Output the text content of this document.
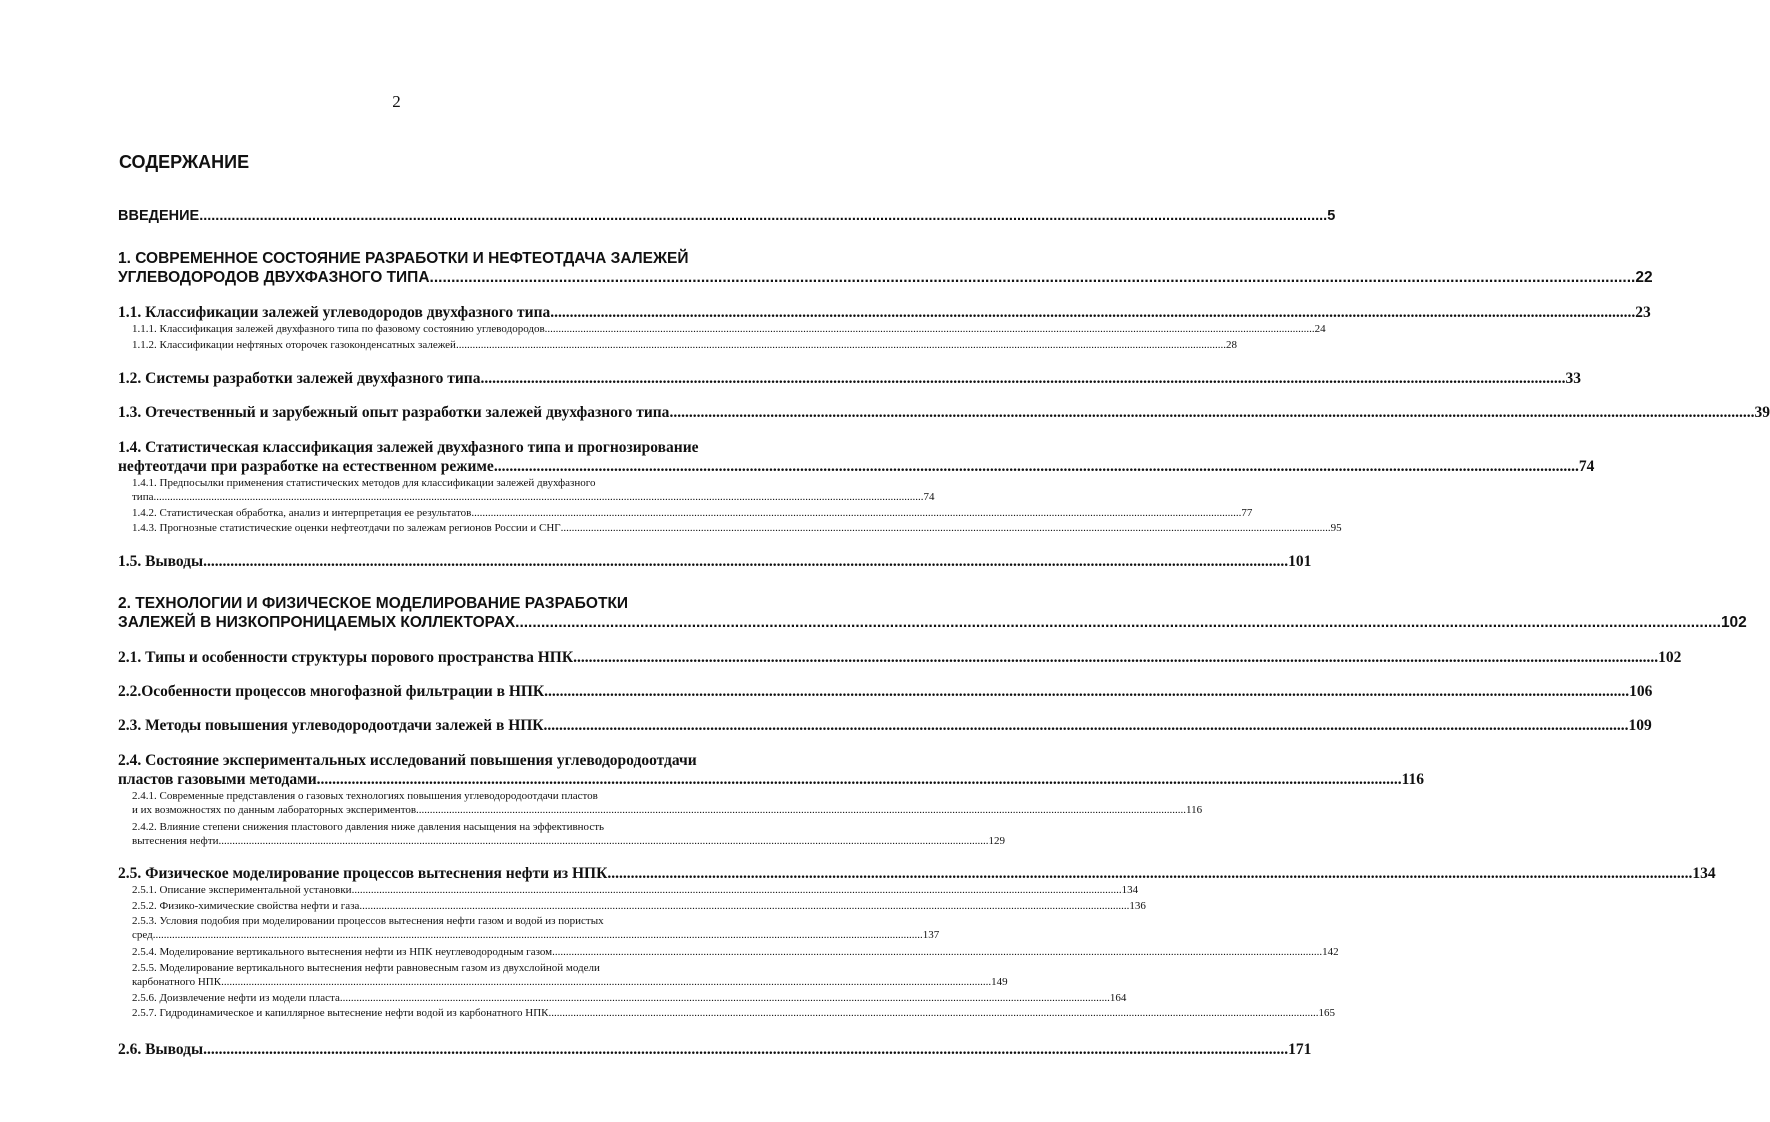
2
СОДЕРЖАНИЕ
ВВЕДЕНИЕ .....	5
1. СОВРЕМЕННОЕ СОСТОЯНИЕ РАЗРАБОТКИ И НЕФТЕОТДАЧА ЗАЛЕЖЕЙ
УГЛЕВОДОРОДОВ ДВУХФАЗНОГО ТИПА .....	22
1.1. Классификации залежей углеводородов двухфазного типа .....	23
1.1.1. Классификация залежей двухфазного типа по фазовому состоянию углеводородов .....	24
1.1.2. Классификации нефтяных оторочек газоконденсатных залежей .....	28
1.2. Системы разработки залежей двухфазного типа .....	33
1.3. Отечественный и зарубежный опыт разработки залежей двухфазного типа .....	39
1.4. Статистическая классификация залежей двухфазного типа и прогнозирование
нефтеотдачи при разработке на естественном режиме .....	74
1.4.1. Предпосылки применения статистических методов для классификации залежей двухфазного
типа .....	74
1.4.2. Статистическая обработка, анализ и интерпретация ее результатов .....	77
1.4.3. Прогнозные статистические оценки нефтеотдачи по залежам регионов России и СНГ .....	95
1.5. Выводы .....	101
2. ТЕХНОЛОГИИ И ФИЗИЧЕСКОЕ МОДЕЛИРОВАНИЕ РАЗРАБОТКИ
ЗАЛЕЖЕЙ В НИЗКОПРОНИЦАЕМЫХ КОЛЛЕКТОРАХ .....	102
2.1. Типы и особенности структуры порового пространства НПК .....	102
2.2.Особенности процессов многофазной фильтрации в НПК .....	106
2.3. Методы повышения углеводородоотдачи залежей в НПК .....	109
2.4. Состояние экспериментальных исследований повышения углеводородоотдачи
пластов газовыми методами .....	116
2.4.1. Современные представления о газовых технологиях повышения углеводородоотдачи пластов
и их возможностях по данным лабораторных экспериментов .....	116
2.4.2. Влияние степени снижения пластового давления ниже давления насыщения на эффективность
вытеснения нефти .....	129
2.5. Физическое моделирование процессов вытеснения нефти из НПК .....	134
2.5.1. Описание экспериментальной установки .....	134
2.5.2. Физико-химические свойства нефти и газа .....	136
2.5.3. Условия подобия при моделировании процессов вытеснения нефти газом и водой из пористых
сред .....	137
2.5.4. Моделирование вертикального вытеснения нефти из НПК неуглеводородным газом .....	142
2.5.5. Моделирование вертикального вытеснения нефти равновесным газом из двухслойной модели
карбонатного НПК .....	149
2.5.6. Доизвлечение нефти из модели пласта .....	164
2.5.7. Гидродинамическое и капиллярное вытеснение нефти водой из карбонатного НПК .....	165
2.6. Выводы .....	171
